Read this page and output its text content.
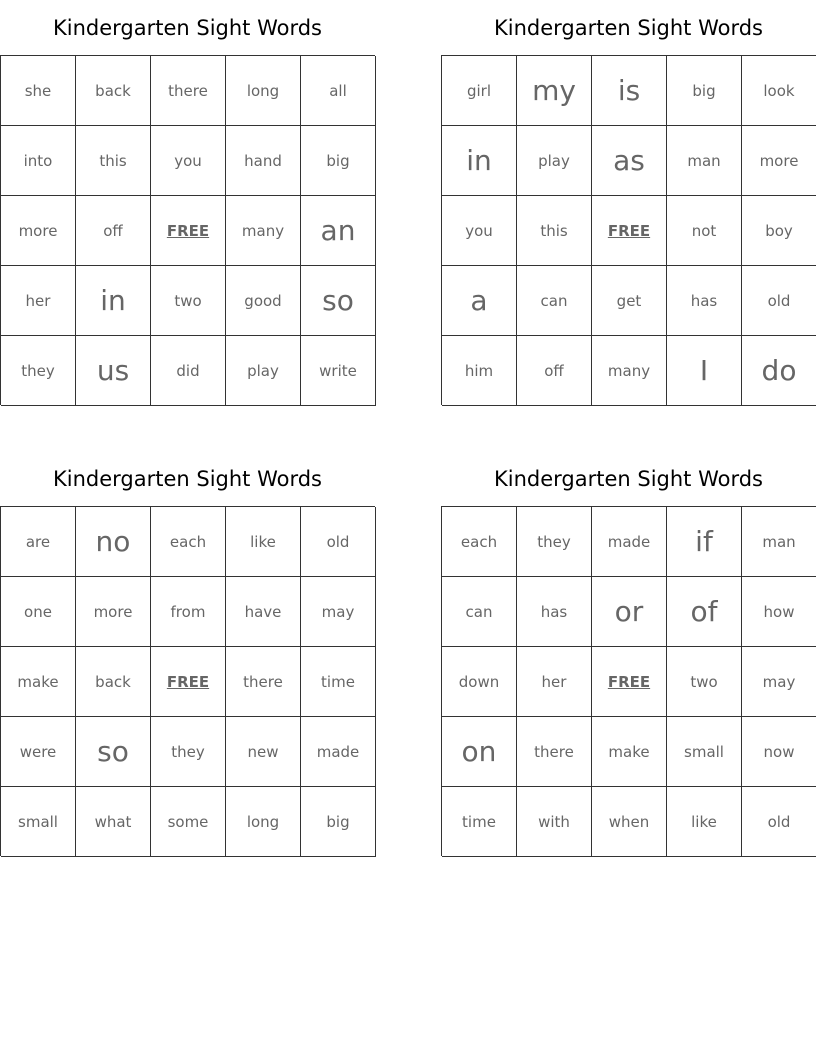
Kindergarten Sight Words
she	back	there	long	all
into	this	you	hand	big
more	off	FREE	many	an
her	in	two	good	so
they	us	did	play	write
Kindergarten Sight Words
girl	my	is	big	look
in	play	as	man	more
you	this	FREE	not	boy
a	can	get	has	old
him	off	many	I	do
Kindergarten Sight Words
are	no	each	like	old
one	more	from	have	may
make	back	FREE	there	time
were	so	they	new	made
small	what	some	long	big
Kindergarten Sight Words
each	they	made	if	man
can	has	or	of	how
down	her	FREE	two	may
on	there	make	small	now
time	with	when	like	old
